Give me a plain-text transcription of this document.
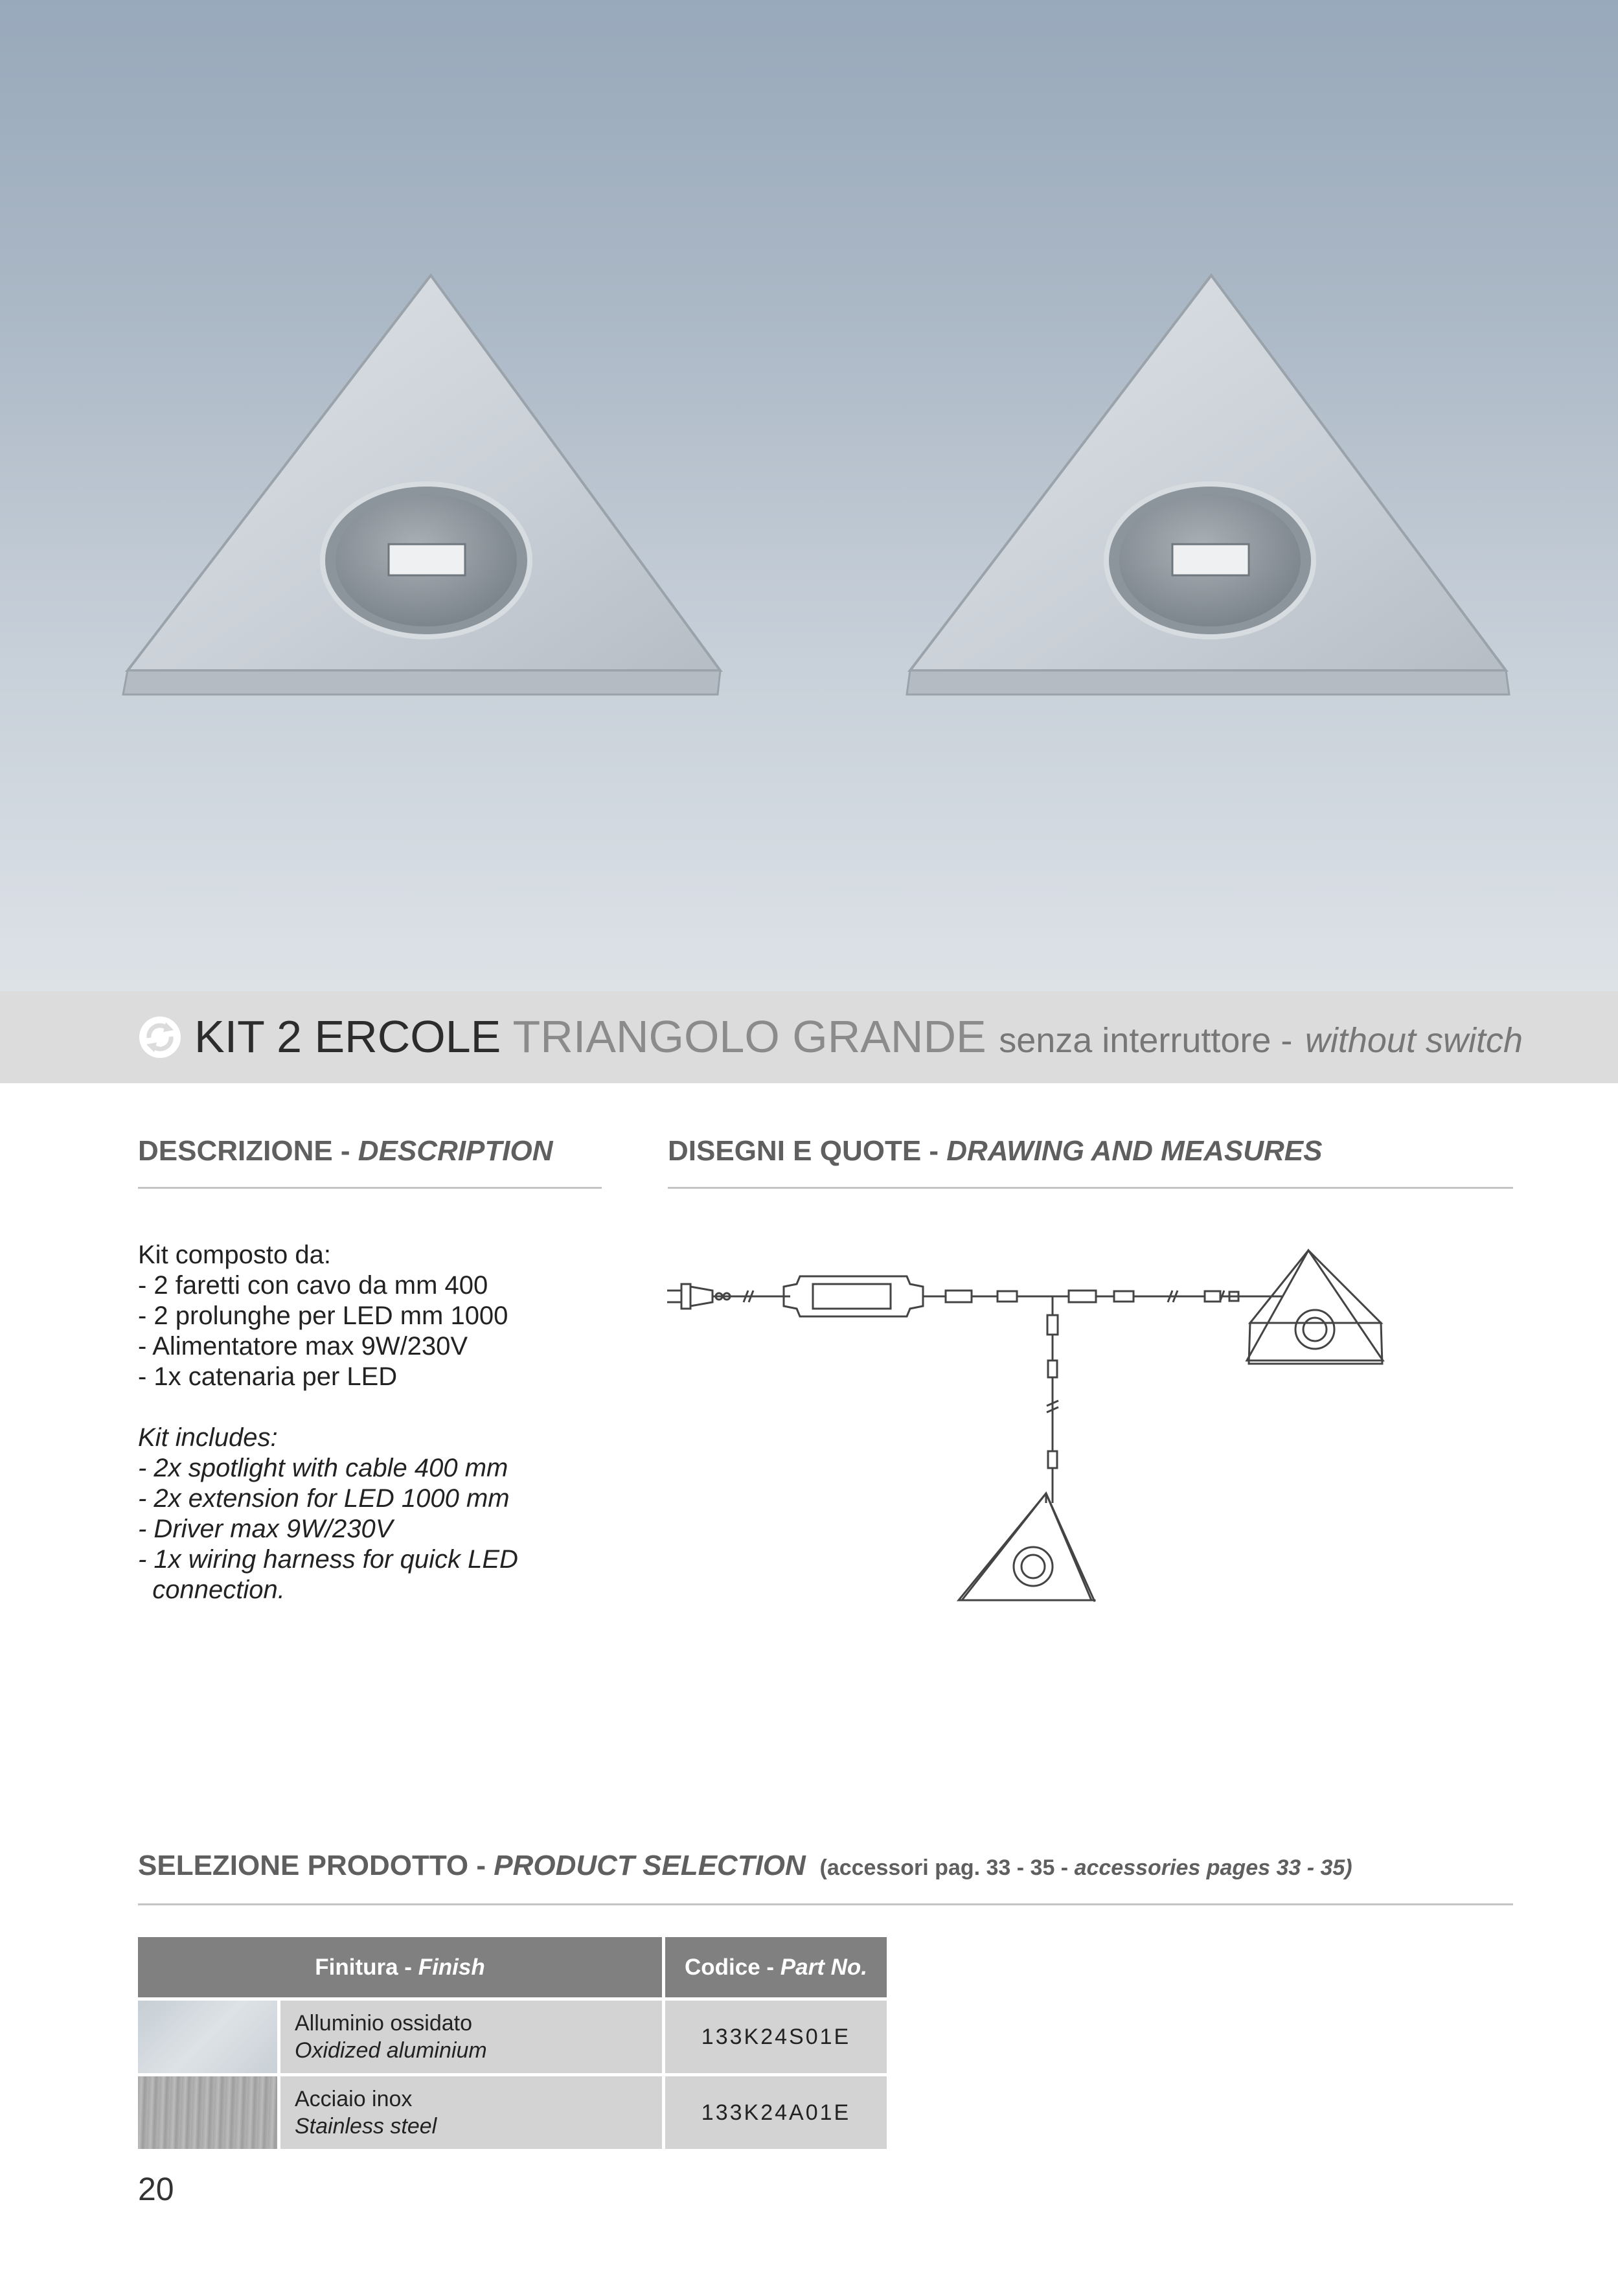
KIT 2 ERCOLE TRIANGOLO GRANDE senza interruttore - without switch
DESCRIZIONE - DESCRIPTION
Kit composto da:
- 2 faretti con cavo da mm 400
- 2 prolunghe per LED mm 1000
- Alimentatore max 9W/230V
- 1x catenaria per LED
Kit includes:
- 2x spotlight with cable 400 mm
- 2x extension for LED 1000 mm
- Driver max 9W/230V
- 1x wiring harness for quick LED
connection.
DISEGNI E QUOTE - DRAWING AND MEASURES
SELEZIONE PRODOTTO - PRODUCT SELECTION (accessori pag. 33 - 35 - accessories pages 33 - 35)
Finitura - Finish		Codice - Part No.

	Alluminio ossidato
Oxidized aluminium	133K24S01E

	Acciaio inox
Stainless steel	133K24A01E
20
